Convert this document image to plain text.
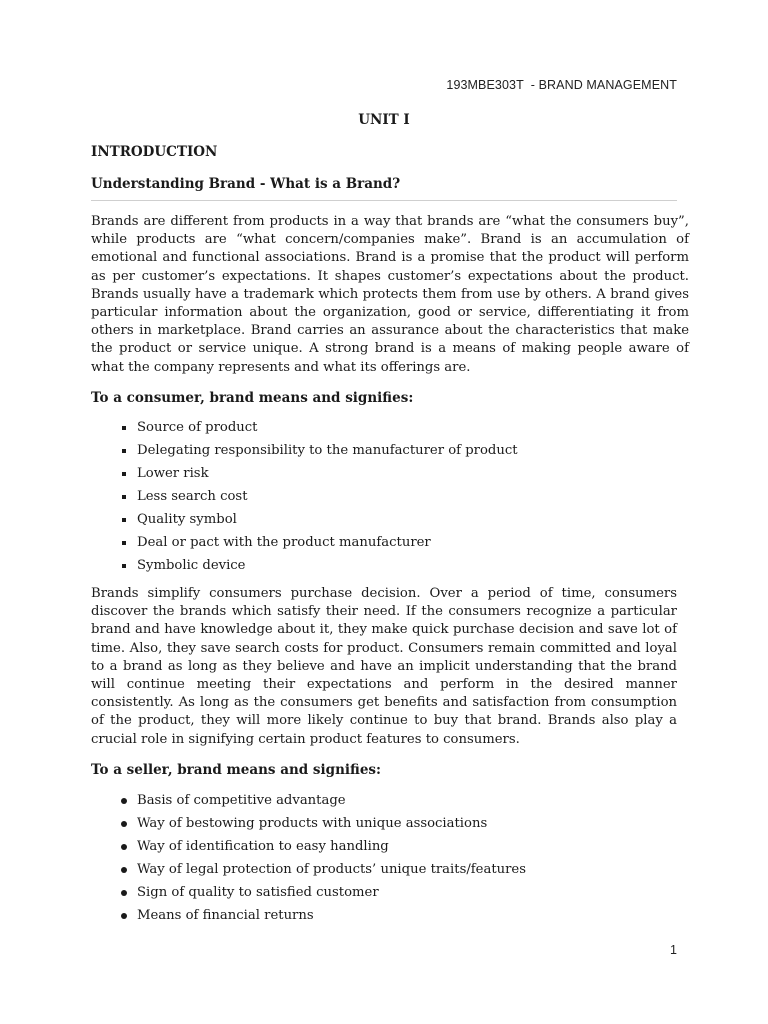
193MBE303T  - BRAND MANAGEMENT
UNIT I
INTRODUCTION
Understanding Brand - What is a Brand?

Brands are different from products in a way that brands are “what the consumers buy”, while products are “what concern/companies make”. Brand is an accumulation of emotional and functional associations. Brand is a promise that the product will perform as per customer’s expectations. It shapes customer’s expectations about the product. Brands usually have a trademark which protects them from use by others. A brand gives particular information about the organization, good or service, differentiating it from others in marketplace. Brand carries an assurance about the characteristics that make the product or service unique. A strong brand is a means of making people aware of what the company represents and what its offerings are.

To a consumer, brand means and signifies:
Source of product
Delegating responsibility to the manufacturer of product
Lower risk
Less search cost
Quality symbol
Deal or pact with the product manufacturer
Symbolic device

Brands simplify consumers purchase decision. Over a period of time, consumers discover the brands which satisfy their need. If the consumers recognize a particular brand and have knowledge about it, they make quick purchase decision and save lot of time. Also, they save search costs for product. Consumers remain committed and loyal to a brand as long as they believe and have an implicit understanding that the brand will continue meeting their expectations and perform in the desired manner consistently. As long as the consumers get benefits and satisfaction from consumption of the product, they will more likely continue to buy that brand. Brands also play a crucial role in signifying certain product features to consumers.

To a seller, brand means and signifies:
Basis of competitive advantage
Way of bestowing products with unique associations
Way of identification to easy handling
Way of legal protection of products’ unique traits/features
Sign of quality to satisfied customer
Means of financial returns
1
